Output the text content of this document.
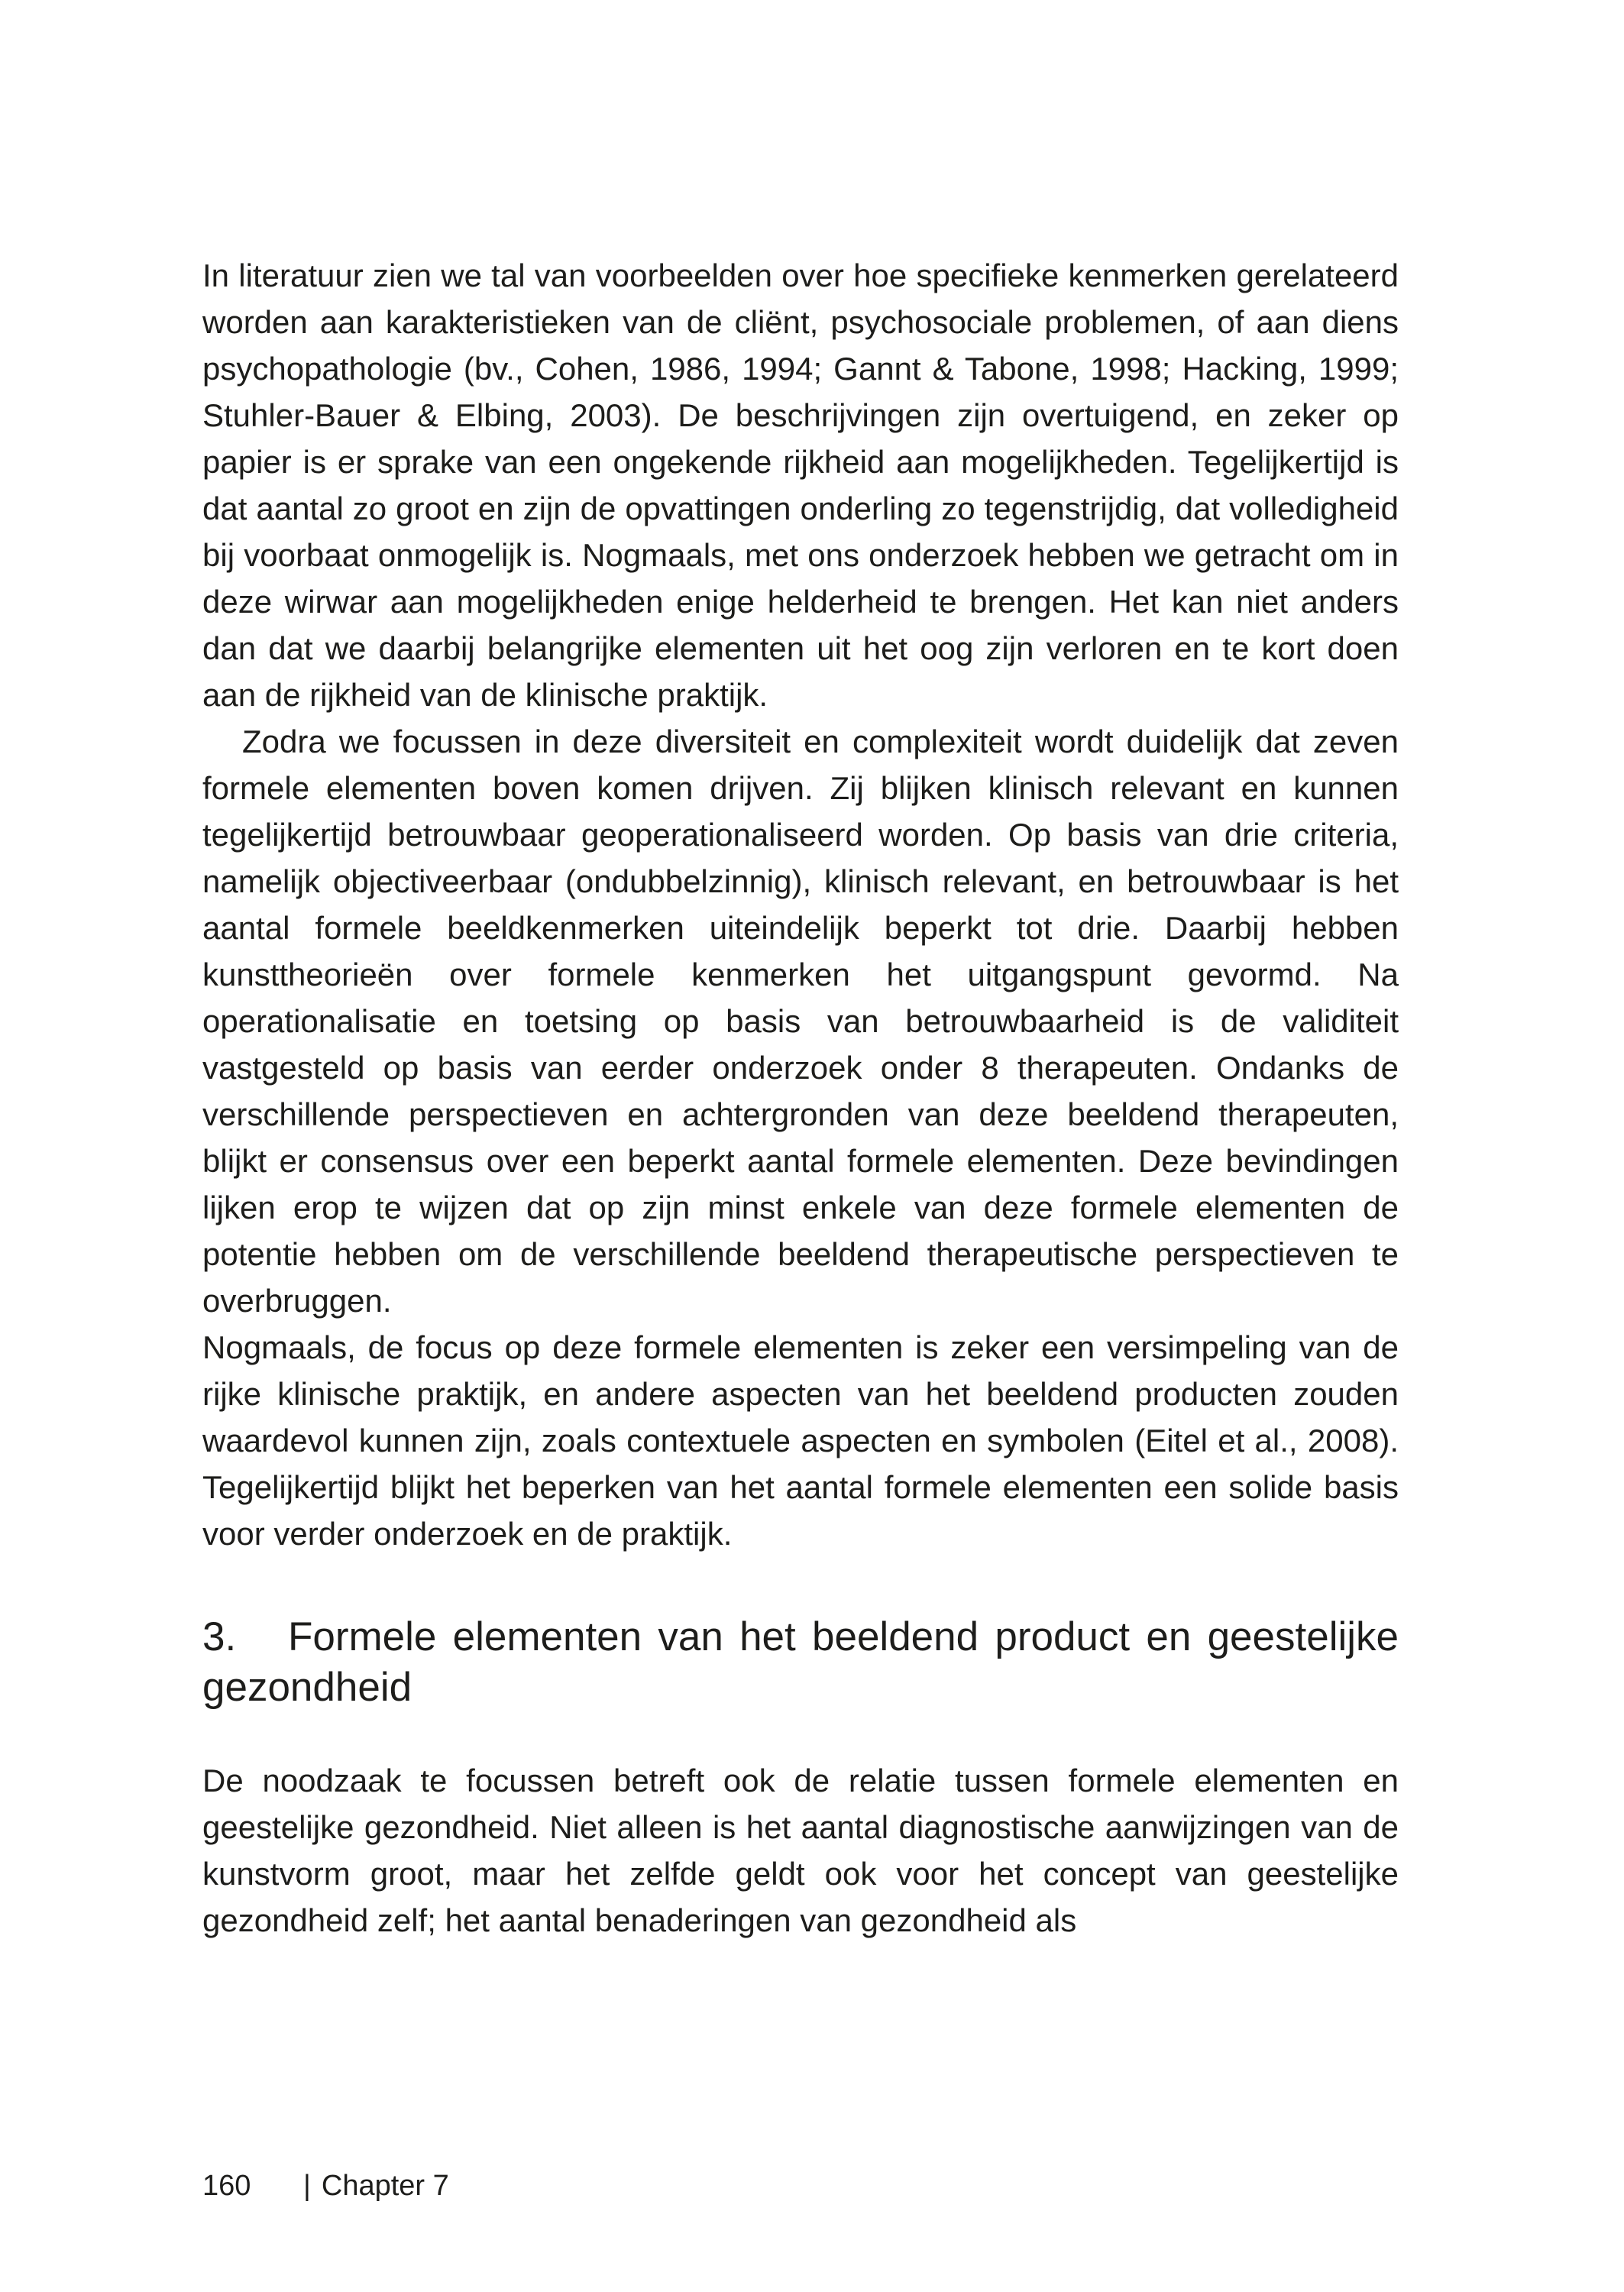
In literatuur zien we tal van voorbeelden over hoe specifieke kenmerken gerelateerd worden aan karakteristieken van de cliënt, psychosociale problemen, of aan diens psychopathologie (bv., Cohen, 1986, 1994; Gannt & Tabone, 1998; Hacking, 1999; Stuhler-Bauer & Elbing, 2003). De beschrijvingen zijn overtuigend, en zeker op papier is er sprake van een ongekende rijkheid aan mogelijkheden. Tegelijkertijd is dat aantal zo groot en zijn de opvattingen onderling zo tegenstrijdig, dat volledigheid bij voorbaat onmogelijk is. Nogmaals, met ons onderzoek hebben we getracht om in deze wirwar aan mogelijkheden enige helderheid te brengen. Het kan niet anders dan dat we daarbij belangrijke elementen uit het oog zijn verloren en te kort doen aan de rijkheid van de klinische praktijk.

Zodra we focussen in deze diversiteit en complexiteit wordt duidelijk dat zeven formele elementen boven komen drijven. Zij blijken klinisch relevant en kunnen tegelijkertijd betrouwbaar geoperationaliseerd worden. Op basis van drie criteria, namelijk objectiveerbaar (ondubbelzinnig), klinisch relevant, en betrouwbaar is het aantal formele beeldkenmerken uiteindelijk beperkt tot drie. Daarbij hebben kunsttheorieën over formele kenmerken het uitgangspunt gevormd. Na operationalisatie en toetsing op basis van betrouwbaarheid is de validiteit vastgesteld op basis van eerder onderzoek onder 8 therapeuten. Ondanks de verschillende perspectieven en achtergronden van deze beeldend therapeuten, blijkt er consensus over een beperkt aantal formele elementen. Deze bevindingen lijken erop te wijzen dat op zijn minst enkele van deze formele elementen de potentie hebben om de verschillende beeldend therapeutische perspectieven te overbruggen.

Nogmaals, de focus op deze formele elementen is zeker een versimpeling van de rijke klinische praktijk, en andere aspecten van het beeldend producten zouden waardevol kunnen zijn, zoals contextuele aspecten en symbolen (Eitel et al., 2008). Tegelijkertijd blijkt het beperken van het aantal formele elementen een solide basis voor verder onderzoek en de praktijk.

3. Formele elementen van het beeldend product en geestelijke gezondheid

De noodzaak te focussen betreft ook de relatie tussen formele elementen en geestelijke gezondheid. Niet alleen is het aantal diagnostische aanwijzingen van de kunstvorm groot, maar het zelfde geldt ook voor het concept van geestelijke gezondheid zelf; het aantal benaderingen van gezondheid als

160 | Chapter 7
